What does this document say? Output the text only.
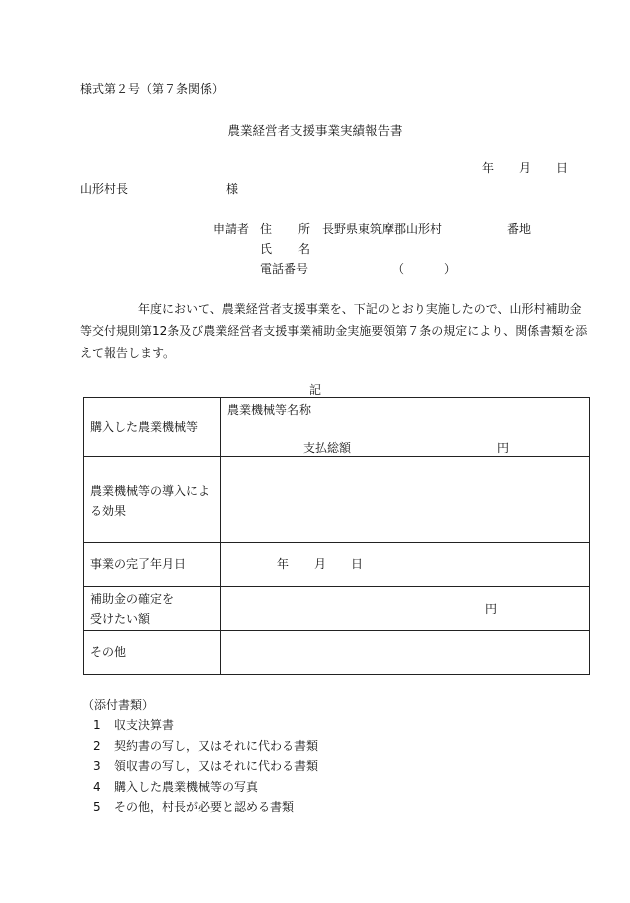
様式第２号（第７条関係）
農業経営者支援事業実績報告書
年 月 日
山形村長	様
申請者 住 所 長野県東筑摩郡山形村	番地
氏 名
電話番号	（	）
年度において、農業経営者支援事業を、下記のとおり実施したので、山形村補助金等交付規則第12条及び農業経営者支援事業補助金実施要領第７条の規定により、関係書類を添えて報告します。
記
購入した農業機械等	農業機械等名称
支払総額 円

農業機械等の導入による効果	
事業の完了年月日	年 月 日

補助金の確定を
受けたい額	円

その他	
（添付書類）
1 収支決算書
2 契約書の写し，又はそれに代わる書類
3 領収書の写し，又はそれに代わる書類
4 購入した農業機械等の写真
5 その他，村長が必要と認める書類
